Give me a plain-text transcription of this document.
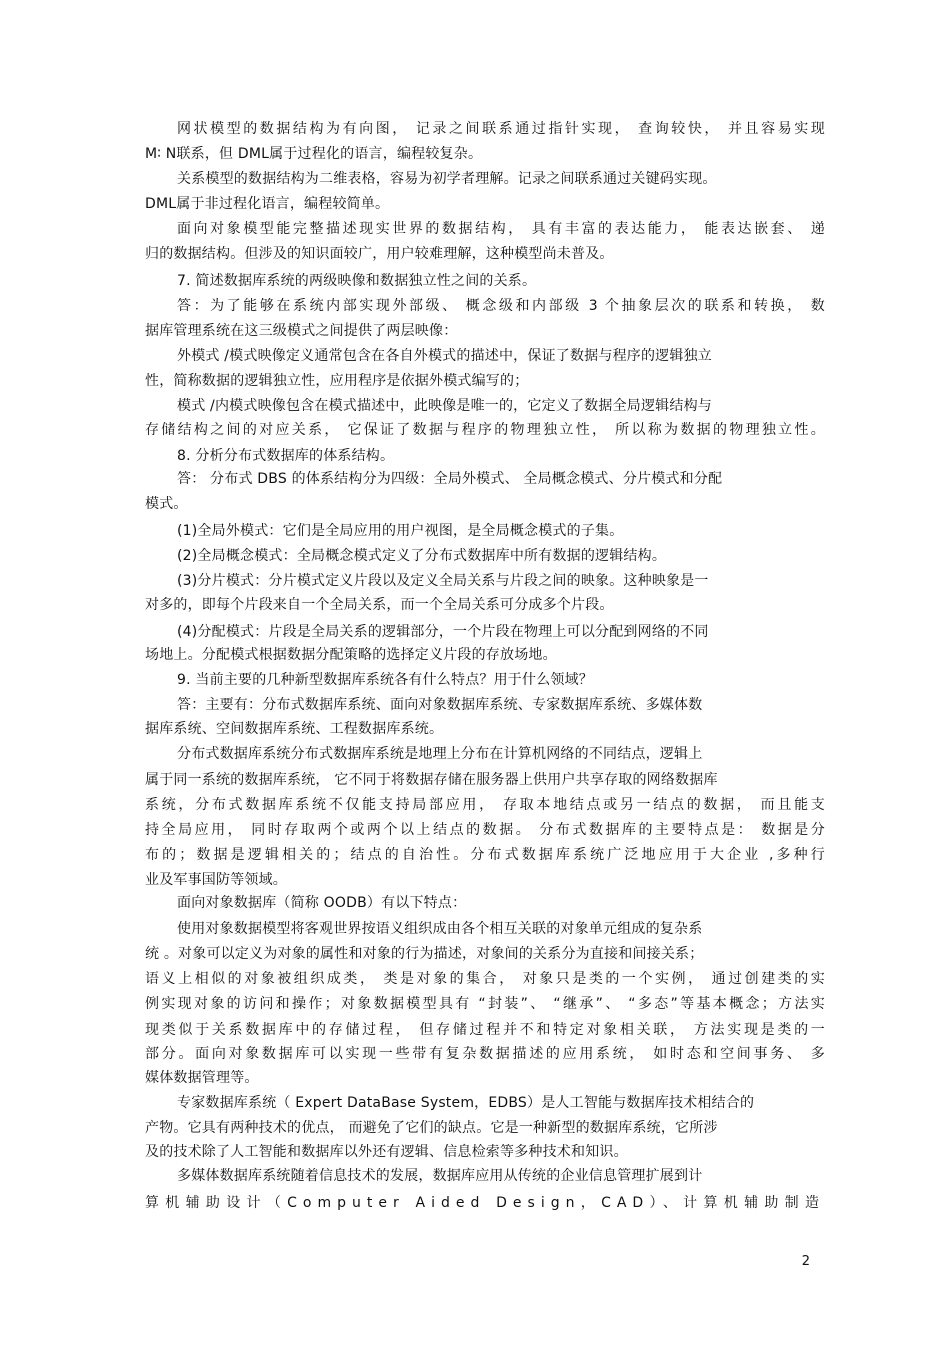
网状模型的数据结构为有向图， 记录之间联系通过指针实现， 查询较快， 并且容易实现
M∶ N联系，但 DML属于过程化的语言，编程较复杂。
关系模型的数据结构为二维表格，容易为初学者理解。记录之间联系通过关键码实现。
DML属于非过程化语言，编程较简单。
面向对象模型能完整描述现实世界的数据结构， 具有丰富的表达能力， 能表达嵌套、 递
归的数据结构。但涉及的知识面较广，用户较难理解，这种模型尚未普及。
7. 简述数据库系统的两级映像和数据独立性之间的关系。
答：为了能够在系统内部实现外部级、 概念级和内部级 3 个抽象层次的联系和转换， 数
据库管理系统在这三级模式之间提供了两层映像：
外模式 /模式映像定义通常包含在各自外模式的描述中，保证了数据与程序的逻辑独立
性，简称数据的逻辑独立性，应用程序是依据外模式编写的；
模式 /内模式映像包含在模式描述中，此映像是唯一的，它定义了数据全局逻辑结构与
存储结构之间的对应关系， 它保证了数据与程序的物理独立性， 所以称为数据的物理独立性。
8. 分析分布式数据库的体系结构。
答： 分布式 DBS 的体系结构分为四级：全局外模式、 全局概念模式、分片模式和分配
模式。
(1)全局外模式：它们是全局应用的用户视图，是全局概念模式的子集。
(2)全局概念模式：全局概念模式定义了分布式数据库中所有数据的逻辑结构。
(3)分片模式：分片模式定义片段以及定义全局关系与片段之间的映象。这种映象是一
对多的，即每个片段来自一个全局关系，而一个全局关系可分成多个片段。
(4)分配模式：片段是全局关系的逻辑部分，一个片段在物理上可以分配到网络的不同
场地上。分配模式根据数据分配策略的选择定义片段的存放场地。
9. 当前主要的几种新型数据库系统各有什么特点？用于什么领域？
答：主要有：分布式数据库系统、面向对象数据库系统、专家数据库系统、多媒体数
据库系统、空间数据库系统、工程数据库系统。
分布式数据库系统分布式数据库系统是地理上分布在计算机网络的不同结点，逻辑上
属于同一系统的数据库系统， 它不同于将数据存储在服务器上供用户共享存取的网络数据库
系统，分布式数据库系统不仅能支持局部应用， 存取本地结点或另一结点的数据， 而且能支
持全局应用， 同时存取两个或两个以上结点的数据。 分布式数据库的主要特点是： 数据是分
布的；数据是逻辑相关的；结点的自治性。分布式数据库系统广泛地应用于大企业 ,多种行
业及军事国防等领域。
面向对象数据库（简称 OODB）有以下特点：
使用对象数据模型将客观世界按语义组织成由各个相互关联的对象单元组成的复杂系
统 。对象可以定义为对象的属性和对象的行为描述，对象间的关系分为直接和间接关系；
语义上相似的对象被组织成类， 类是对象的集合， 对象只是类的一个实例， 通过创建类的实
例实现对象的访问和操作；对象数据模型具有 “封装”、 “继承”、 “多态”等基本概念；方法实
现类似于关系数据库中的存储过程， 但存储过程并不和特定对象相关联， 方法实现是类的一
部分。面向对象数据库可以实现一些带有复杂数据描述的应用系统， 如时态和空间事务、 多
媒体数据管理等。
专家数据库系统（ Expert DataBase System，EDBS）是人工智能与数据库技术相结合的
产物。它具有两种技术的优点， 而避免了它们的缺点。它是一种新型的数据库系统，它所涉
及的技术除了人工智能和数据库以外还有逻辑、信息检索等多种技术和知识。
多媒体数据库系统随着信息技术的发展，数据库应用从传统的企业信息管理扩展到计
算机辅助设计（Computer Aided Design，CAD）、计算机辅助制造
2
